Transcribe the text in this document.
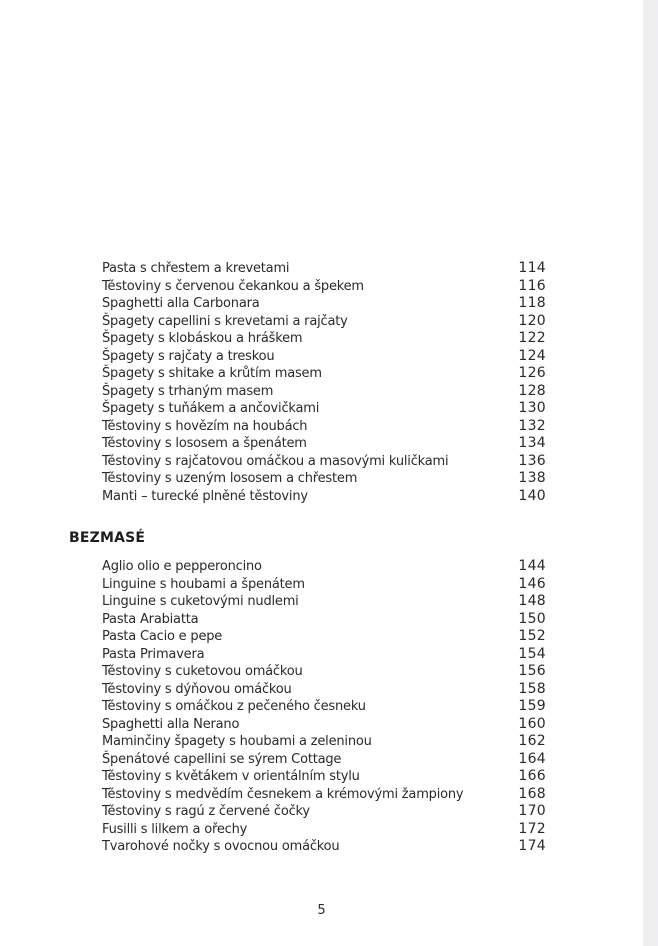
Pasta s chřestem a krevetami	114
Těstoviny s červenou čekankou a špekem	116
Spaghetti alla Carbonara	118
Špagety capellini s krevetami a rajčaty	120
Špagety s klobáskou a hráškem	122
Špagety s rajčaty a treskou	124
Špagety s shitake a krůtím masem	126
Špagety s trhaným masem	128
Špagety s tuňákem a ančovičkami	130
Těstoviny s hovězím na houbách	132
Těstoviny s lososem a špenátem	134
Těstoviny s rajčatovou omáčkou a masovými kuličkami	136
Těstoviny s uzeným lososem a chřestem	138
Manti – turecké plněné těstoviny	140
BEZMASÉ
Aglio olio e pepperoncino	144
Linguine s houbami a špenátem	146
Linguine s cuketovými nudlemi	148
Pasta Arabiatta	150
Pasta Cacio e pepe	152
Pasta Primavera	154
Těstoviny s cuketovou omáčkou	156
Těstoviny s dýňovou omáčkou	158
Těstoviny s omáčkou z pečeného česneku	159
Spaghetti alla Nerano	160
Maminčiny špagety s houbami a zeleninou	162
Špenátové capellini se sýrem Cottage	164
Těstoviny s květákem v orientálním stylu	166
Těstoviny s medvědím česnekem a krémovými žampiony	168
Těstoviny s ragú z červené čočky	170
Fusilli s lilkem a ořechy	172
Tvarohové nočky s ovocnou omáčkou	174
5
